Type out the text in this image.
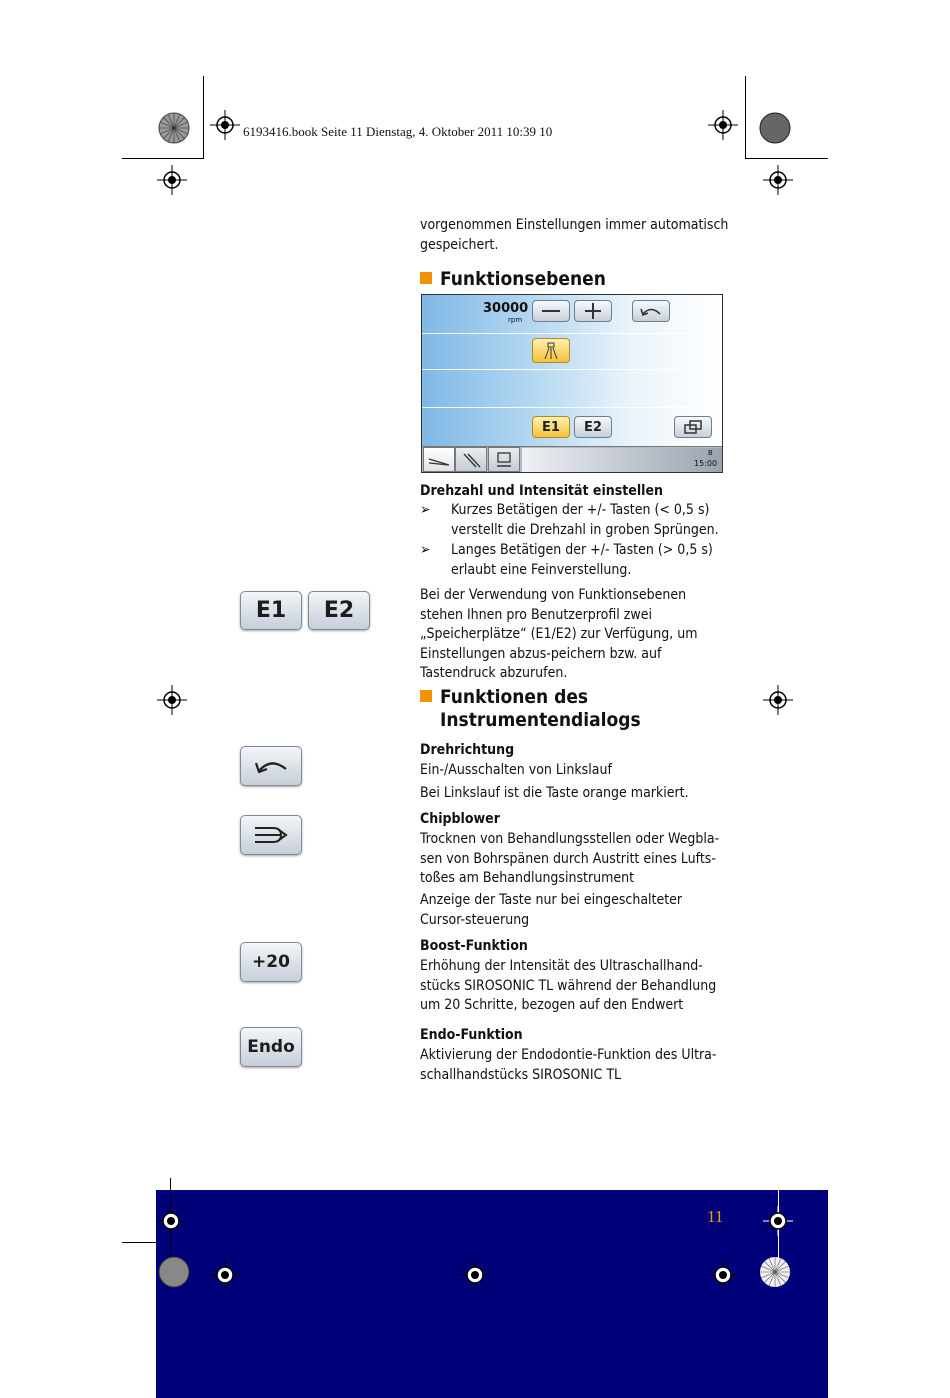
6193416.book Seite 11 Dienstag, 4. Oktober 2011 10:39 10
vorgenommen Einstellungen immer automatisch gespeichert.
Funktionsebenen
30000
rpm
E1	E2
B
15:00
Drehzahl und Intensität einstellen
➢ Kurzes Betätigen der +/- Tasten (< 0,5 s) verstellt die Drehzahl in groben Sprüngen.
➢ Langes Betätigen der +/- Tasten (> 0,5 s) erlaubt eine Feinverstellung.
Bei der Verwendung von Funktionsebenen stehen Ihnen pro Benutzerprofil zwei „Speicherplätze“ (E1/E2) zur Verfügung, um Einstellungen abzus-peichern bzw. auf Tastendruck abzurufen.
E1	E2
Funktionen des
Instrumentendialogs
Drehrichtung
Ein-/Ausschalten von Linkslauf
Bei Linkslauf ist die Taste orange markiert.
Chipblower
Trocknen von Behandlungsstellen oder Wegbla-sen von Bohrspänen durch Austritt eines Lufts-toßes am Behandlungsinstrument
Anzeige der Taste nur bei eingeschalteter Cursor-steuerung
+20
Boost-Funktion
Erhöhung der Intensität des Ultraschallhand-stücks SIROSONIC TL während der Behandlung um 20 Schritte, bezogen auf den Endwert
Endo
Endo-Funktion
Aktivierung der Endodontie-Funktion des Ultra-schallhandstücks SIROSONIC TL
11
